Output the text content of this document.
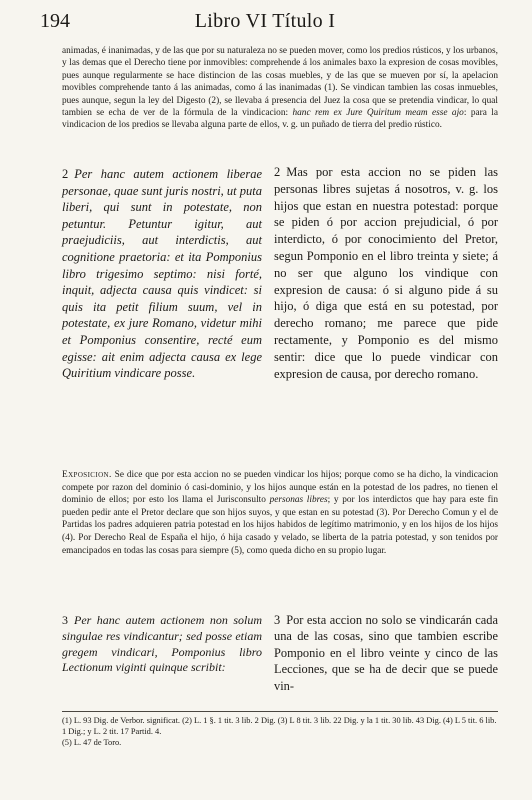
194	Libro VI Título I
animadas, é inanimadas, y de las que por su naturaleza no se pueden mover, como los predios rústicos, y los urbanos, y las demas que el Derecho tiene por inmovibles: comprehende á los animales baxo la expresion de cosas movibles, pues aunque regularmente se hace distincion de las cosas muebles, y de las que se mueven por sí, la apelacion movibles comprehende tanto á las animadas, como á las inanimadas (1). Se vindican tambien las cosas inmuebles, pues aunque, segun la ley del Digesto (2), se llevaba á presencia del Juez la cosa que se pretendia vindicar, lo qual tambien se echa de ver de la fórmula de la vindicacion: hanc rem ex Jure Quiritum meam esse ajo: para la vindicacion de los predios se llevaba alguna parte de ellos, v. g. un puñado de tierra del predio rústico.
2 Per hanc autem actionem liberae personae, quae sunt juris nostri, ut puta liberi, qui sunt in potestate, non petuntur. Petuntur igitur, aut praejudiciis, aut interdictis, aut cognitione praetoria: et ita Pomponius libro trigesimo septimo: nisi forté, inquit, adjecta causa quis vindicet: si quis ita petit filium suum, vel in potestate, ex jure Romano, videtur mihi et Pomponius consentire, recté eum egisse: ait enim adjecta causa ex lege Quiritium vindicare posse.
2 Mas por esta accion no se piden las personas libres sujetas á nosotros, v. g. los hijos que estan en nuestra potestad: porque se piden ó por accion prejudicial, ó por interdicto, ó por conocimiento del Pretor, segun Pomponio en el libro treinta y siete; á no ser que alguno los vindique con expresion de causa: ó si alguno pide á su hijo, ó diga que está en su potestad, por derecho romano; me parece que pide rectamente, y Pomponio es del mismo sentir: dice que lo puede vindicar con expresion de causa, por derecho romano.
Exposicion. Se dice que por esta accion no se pueden vindicar los hijos; porque como se ha dicho, la vindicacion compete por razon del dominio ó casi-dominio, y los hijos aunque están en la potestad de los padres, no tienen el dominio de ellos; por esto los llama el Jurisconsulto personas libres; y por los interdictos que hay para este fin pueden pedir ante el Pretor declare que son hijos suyos, y que estan en su potestad (3). Por Derecho Comun y el de Partidas los padres adquieren patria potestad en los hijos habidos de legítimo matrimonio, y en los hijos de los hijos (4). Por Derecho Real de España el hijo, ó hija casado y velado, se liberta de la patria potestad, y son tenidos por emancipados en todas las cosas para siempre (5), como queda dicho en su propio lugar.
3 Per hanc autem actionem non solum singulae res vindicantur; sed posse etiam gregem vindicari, Pomponius libro Lectionum viginti quinque scribit:
3 Por esta accion no solo se vindicarán cada una de las cosas, sino que tambien escribe Pomponio en el libro veinte y cinco de las Lecciones, que se ha de decir que se puede vin-
(1) L. 93 Dig. de Verbor. significat. (2) L. 1 §. 1 tit. 3 lib. 2 Dig. (3) L 8 tit. 3 lib. 22 Dig. y la 1 tit. 30 lib. 43 Dig. (4) L 5 tit. 6 lib. 1 Dig.; y L. 2 tit. 17 Partid. 4.
(5) L. 47 de Toro.
